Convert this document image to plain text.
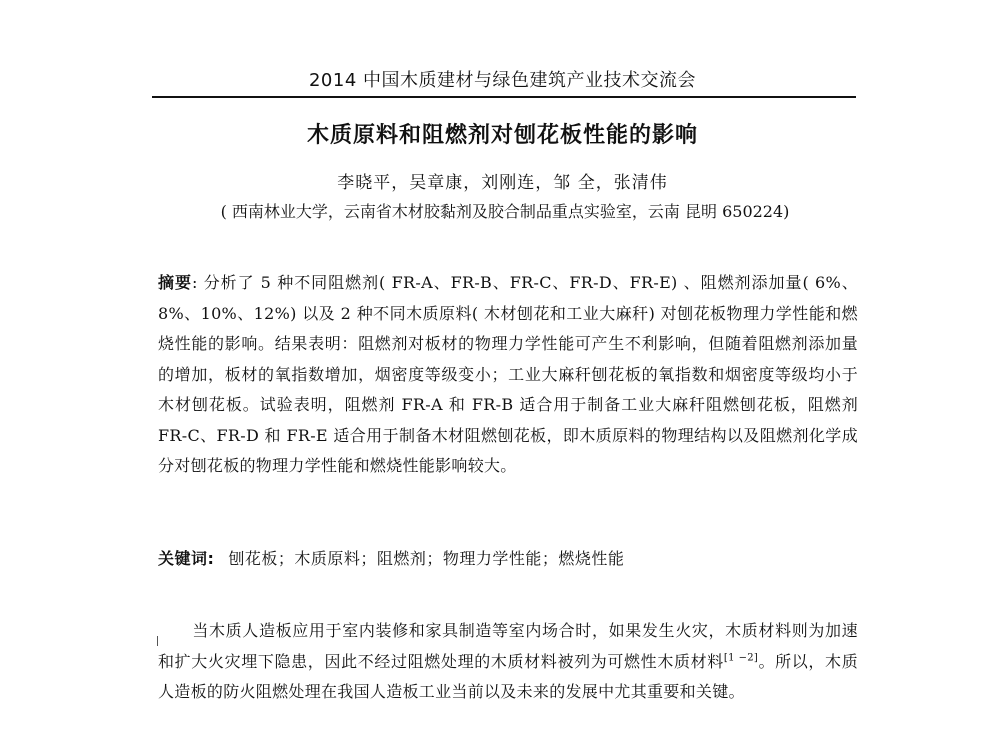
2014 中国木质建材与绿色建筑产业技术交流会
木质原料和阻燃剂对刨花板性能的影响
李晓平，吴章康，刘刚连，邹 全，张清伟
( 西南林业大学，云南省木材胶黏剂及胶合制品重点实验室，云南 昆明 650224)
摘要: 分析了 5 种不同阻燃剂( FR-A、FR-B、FR-C、FR-D、FR-E) 、阻燃剂添加量( 6%、8%、10%、12%) 以及 2 种不同木质原料( 木材刨花和工业大麻秆) 对刨花板物理力学性能和燃烧性能的影响。结果表明：阻燃剂对板材的物理力学性能可产生不利影响，但随着阻燃剂添加量的增加，板材的氧指数增加，烟密度等级变小；工业大麻秆刨花板的氧指数和烟密度等级均小于木材刨花板。试验表明，阻燃剂 FR-A 和 FR-B 适合用于制备工业大麻秆阻燃刨花板，阻燃剂 FR-C、FR-D 和 FR-E 适合用于制备木材阻燃刨花板，即木质原料的物理结构以及阻燃剂化学成分对刨花板的物理力学性能和燃烧性能影响较大。
关键词: 刨花板；木质原料；阻燃剂；物理力学性能；燃烧性能
当木质人造板应用于室内装修和家具制造等室内场合时，如果发生火灾，木质材料则为加速和扩大火灾埋下隐患，因此不经过阻燃处理的木质材料被列为可燃性木质材料[1 −2]。所以，木质人造板的防火阻燃处理在我国人造板工业当前以及未来的发展中尤其重要和关键。
